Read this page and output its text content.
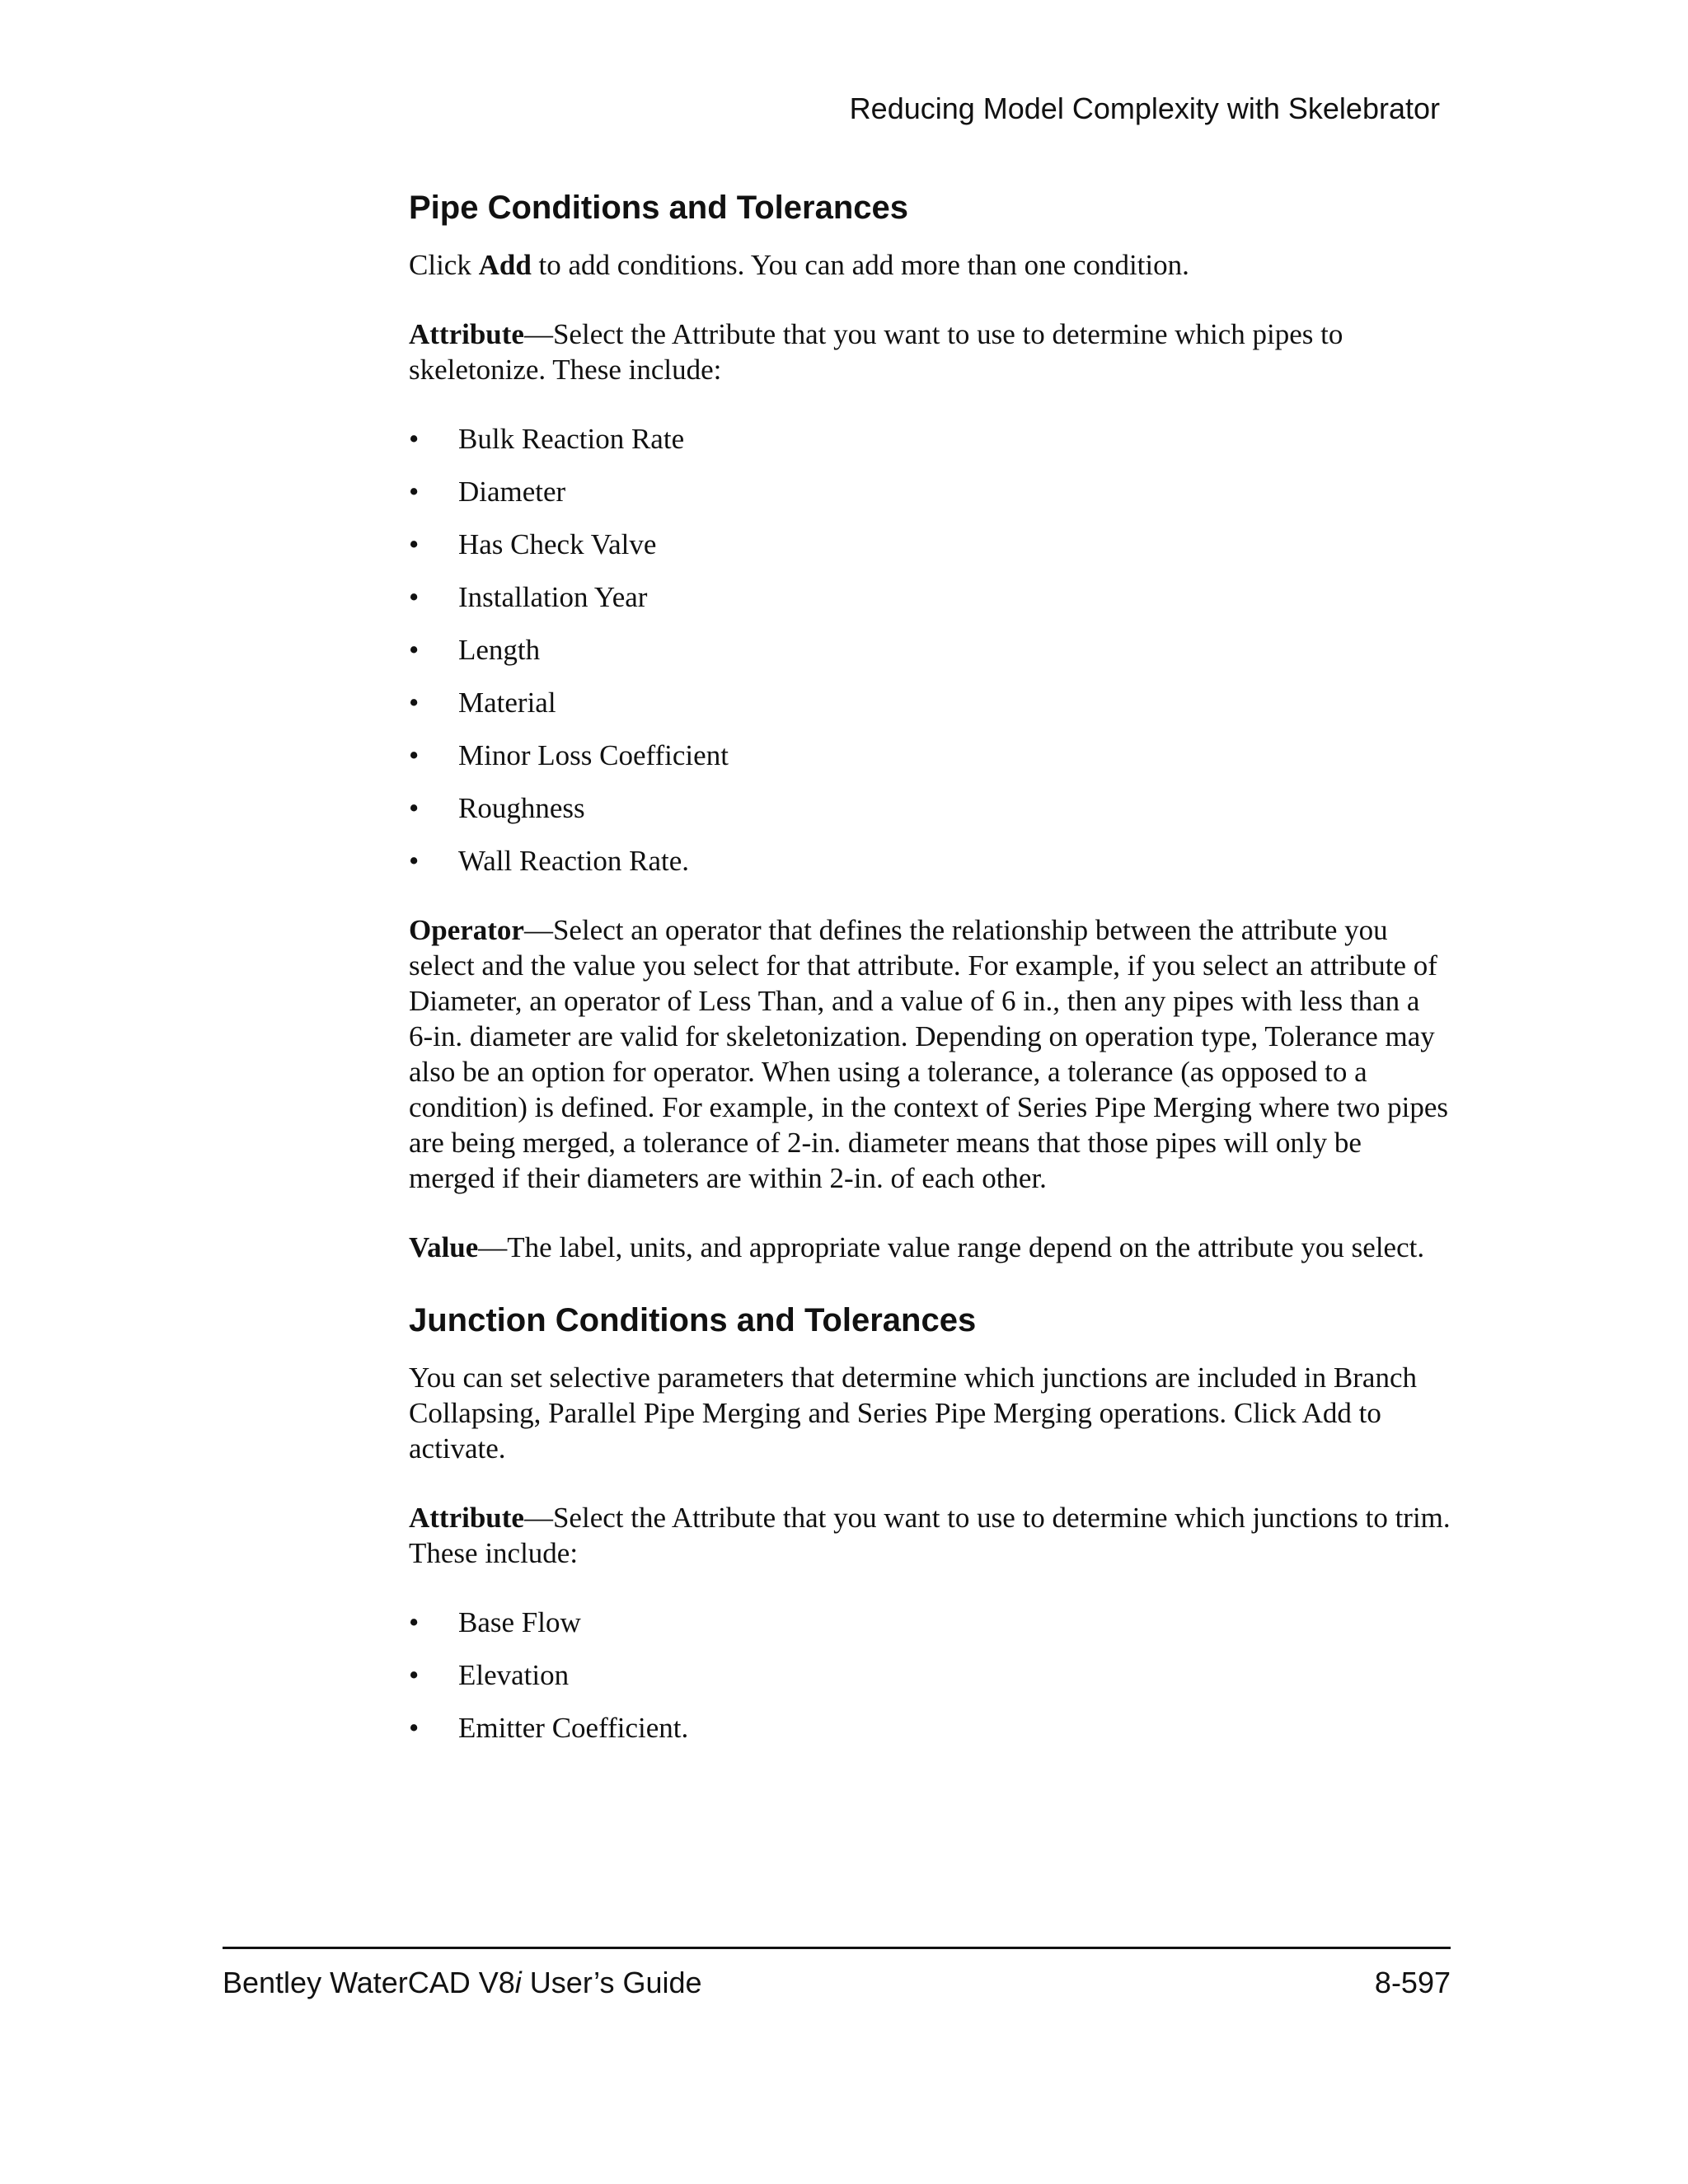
Reducing Model Complexity with Skelebrator
Pipe Conditions and Tolerances

Click Add to add conditions. You can add more than one condition.

Attribute—Select the Attribute that you want to use to determine which pipes to skeletonize. These include:

• Bulk Reaction Rate
• Diameter
• Has Check Valve
• Installation Year
• Length
• Material
• Minor Loss Coefficient
• Roughness
• Wall Reaction Rate.

Operator—Select an operator that defines the relationship between the attribute you select and the value you select for that attribute. For example, if you select an attribute of Diameter, an operator of Less Than, and a value of 6 in., then any pipes with less than a 6-in. diameter are valid for skeletonization. Depending on operation type, Tolerance may also be an option for operator. When using a tolerance, a tolerance (as opposed to a condition) is defined. For example, in the context of Series Pipe Merging where two pipes are being merged, a tolerance of 2-in. diameter means that those pipes will only be merged if their diameters are within 2-in. of each other.

Value—The label, units, and appropriate value range depend on the attribute you select.

Junction Conditions and Tolerances

You can set selective parameters that determine which junctions are included in Branch Collapsing, Parallel Pipe Merging and Series Pipe Merging operations. Click Add to activate.

Attribute—Select the Attribute that you want to use to determine which junctions to trim. These include:

• Base Flow
• Elevation
• Emitter Coefficient.
Bentley WaterCAD V8i User’s Guide	8-597
